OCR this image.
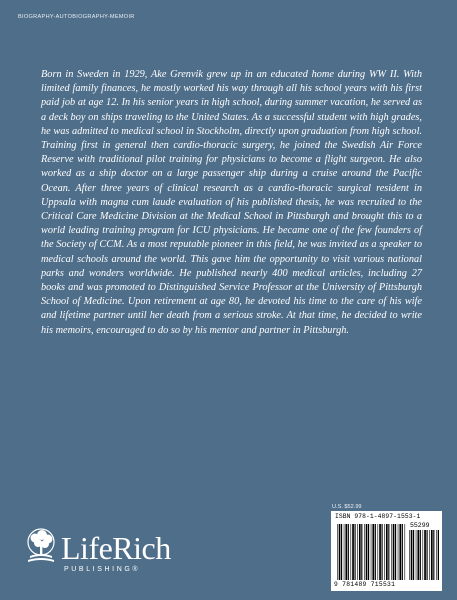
BIOGRAPHY-AUTOBIOGRAPHY-MEMOIR

Born in Sweden in 1929, Ake Grenvik grew up in an educated home during WW II. With limited family finances, he mostly worked his way through all his school years with his first paid job at age 12. In his senior years in high school, during summer vacation, he served as a deck boy on ships traveling to the United States. As a successful student with high grades, he was admitted to medical school in Stockholm, directly upon graduation from high school. Training first in general then cardio-thoracic surgery, he joined the Swedish Air Force Reserve with traditional pilot training for physicians to become a flight surgeon. He also worked as a ship doctor on a large passenger ship during a cruise around the Pacific Ocean. After three years of clinical research as a cardio-thoracic surgical resident in Uppsala with magna cum laude evaluation of his published thesis, he was recruited to the Critical Care Medicine Division at the Medical School in Pittsburgh and brought this to a world leading training program for ICU physicians. He became one of the few founders of the Society of CCM. As a most reputable pioneer in this field, he was invited as a speaker to medical schools around the world. This gave him the opportunity to visit various national parks and wonders worldwide. He published nearly 400 medical articles, including 27 books and was promoted to Distinguished Service Professor at the University of Pittsburgh School of Medicine. Upon retirement at age 80, he devoted his time to the care of his wife and lifetime partner until her death from a serious stroke. At that time, he decided to write his memoirs, encouraged to do so by his mentor and partner in Pittsburgh.

LifeRich
PUBLISHING®
U.S. $52.99
ISBN 978-1-4897-1553-1
55299
9 781489 715531
